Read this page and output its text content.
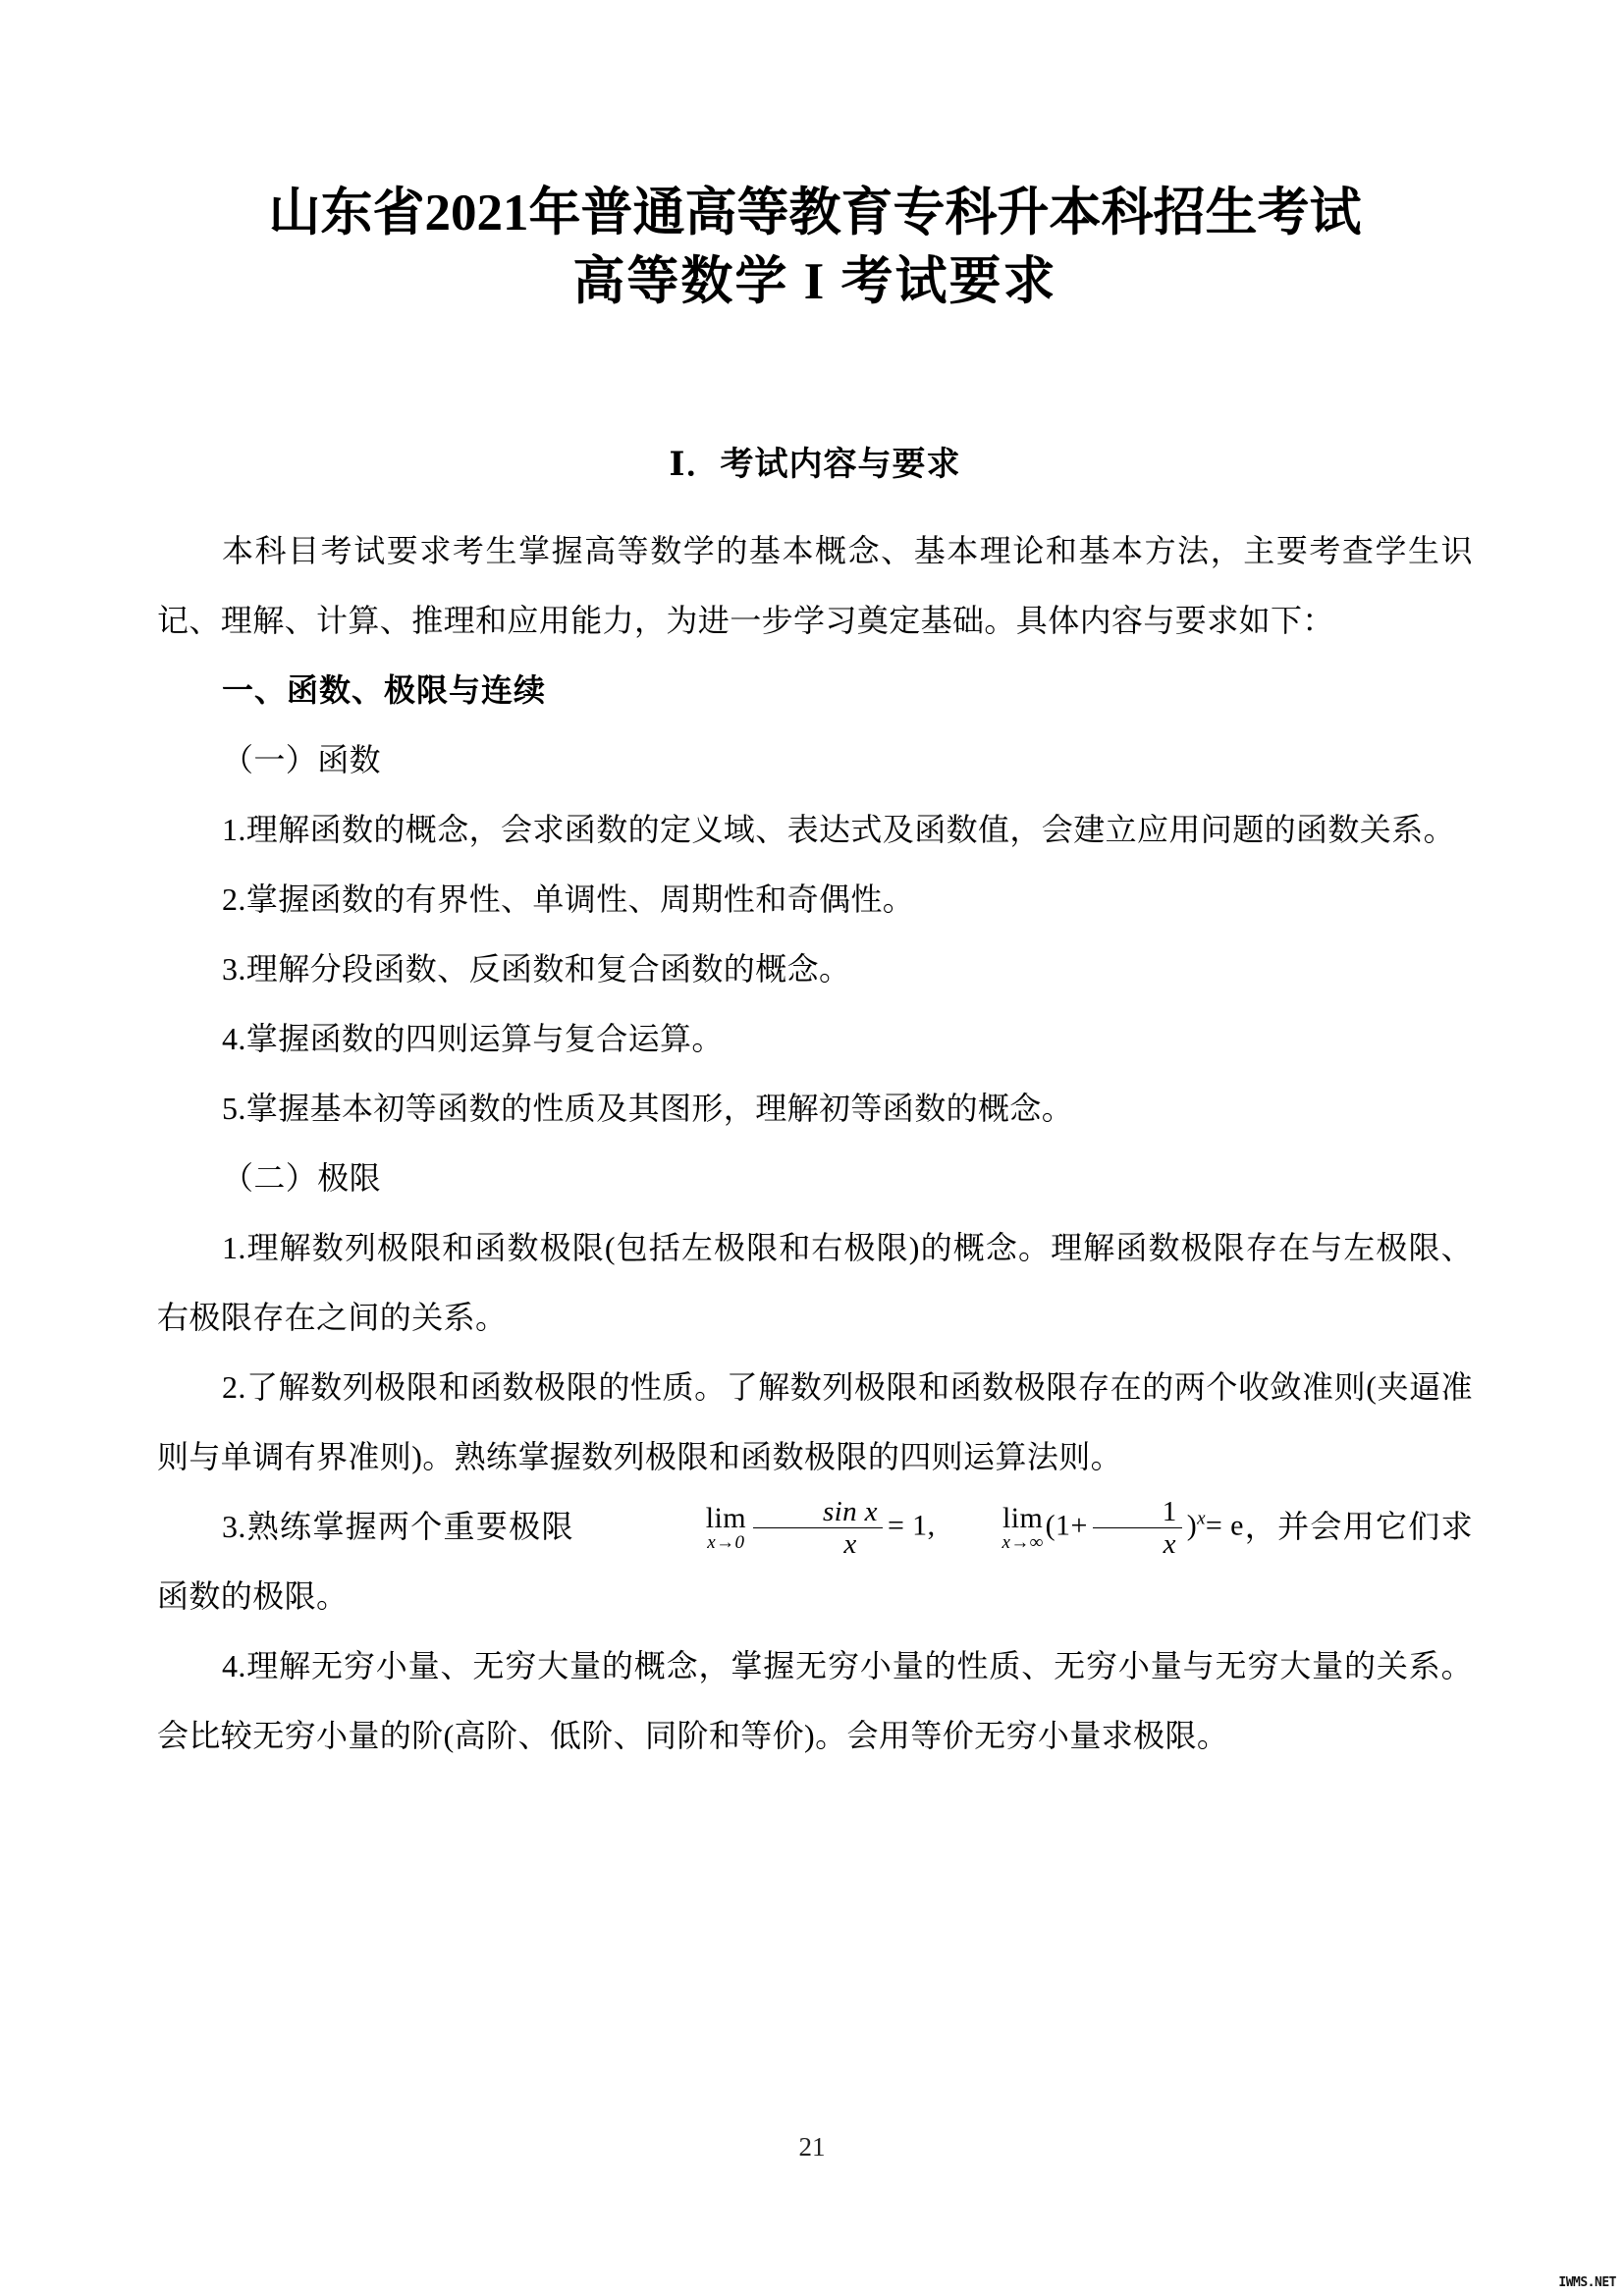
山东省2021年普通高等教育专科升本科招生考试
高等数学 I 考试要求
Ⅰ．考试内容与要求

本科目考试要求考生掌握高等数学的基本概念、基本理论和基本方法，主要考查学生识记、理解、计算、推理和应用能力，为进一步学习奠定基础。具体内容与要求如下：

一、函数、极限与连续

（一）函数

1.理解函数的概念，会求函数的定义域、表达式及函数值，会建立应用问题的函数关系。

2.掌握函数的有界性、单调性、周期性和奇偶性。

3.理解分段函数、反函数和复合函数的概念。

4.掌握函数的四则运算与复合运算。

5.掌握基本初等函数的性质及其图形，理解初等函数的概念。

（二）极限

1.理解数列极限和函数极限(包括左极限和右极限)的概念。理解函数极限存在与左极限、右极限存在之间的关系。

2.了解数列极限和函数极限的性质。了解数列极限和函数极限存在的两个收敛准则(夹逼准则与单调有界准则)。熟练掌握数列极限和函数极限的四则运算法则。

3.熟练掌握两个重要极限	lim
$x\to 0 \frac{\text{sin x}}{x} = 1$,	lim
x→∞
$(1+ \frac{1}{x} )^x= e$，并会用它们求函数的极限。

4.理解无穷小量、无穷大量的概念，掌握无穷小量的性质、无穷小量与无穷大量的关系。会比较无穷小量的阶(高阶、低阶、同阶和等价)。会用等价无穷小量求极限。

21
IWMS.NET
